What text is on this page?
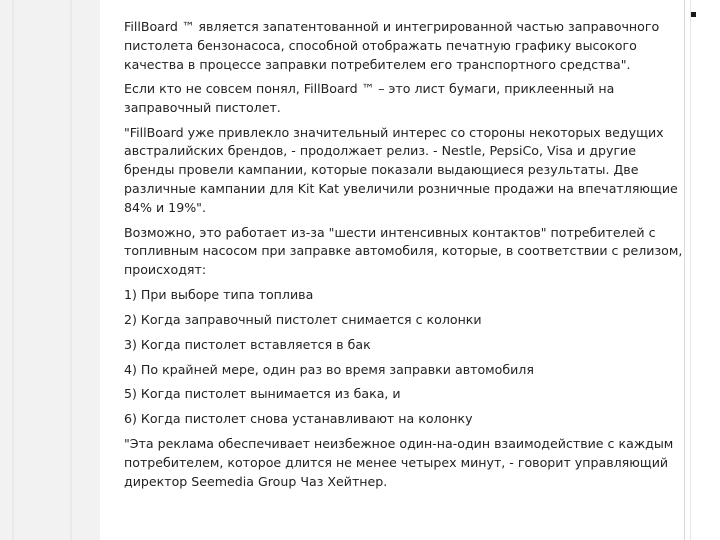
FillBoard ™ является запатентованной и интегрированной частью заправочного пистолета бензонасоса, способной отображать печатную графику высокого качества в процессе заправки потребителем его транспортного средства".

Если кто не совсем понял, FillBoard ™ – это лист бумаги, приклеенный на заправочный пистолет.

"FillBoard уже привлекло значительный интерес со стороны некоторых ведущих австралийских брендов, - продолжает релиз. - Nestle, PepsiCo, Visa и другие бренды провели кампании, которые показали выдающиеся результаты. Две различные кампании для Kit Kat увеличили розничные продажи на впечатляющие 84% и 19%".

Возможно, это работает из-за "шести интенсивных контактов" потребителей с топливным насосом при заправке автомобиля, которые, в соответствии с релизом, происходят:

1) При выборе типа топлива

2) Когда заправочный пистолет снимается с колонки

3) Когда пистолет вставляется в бак

4) По крайней мере, один раз во время заправки автомобиля

5) Когда пистолет вынимается из бака, и

6) Когда пистолет снова устанавливают на колонку

"Эта реклама обеспечивает неизбежное один-на-один взаимодействие с каждым потребителем, которое длится не менее четырех минут, - говорит управляющий директор Seemedia Group Чаз Хейтнер.
